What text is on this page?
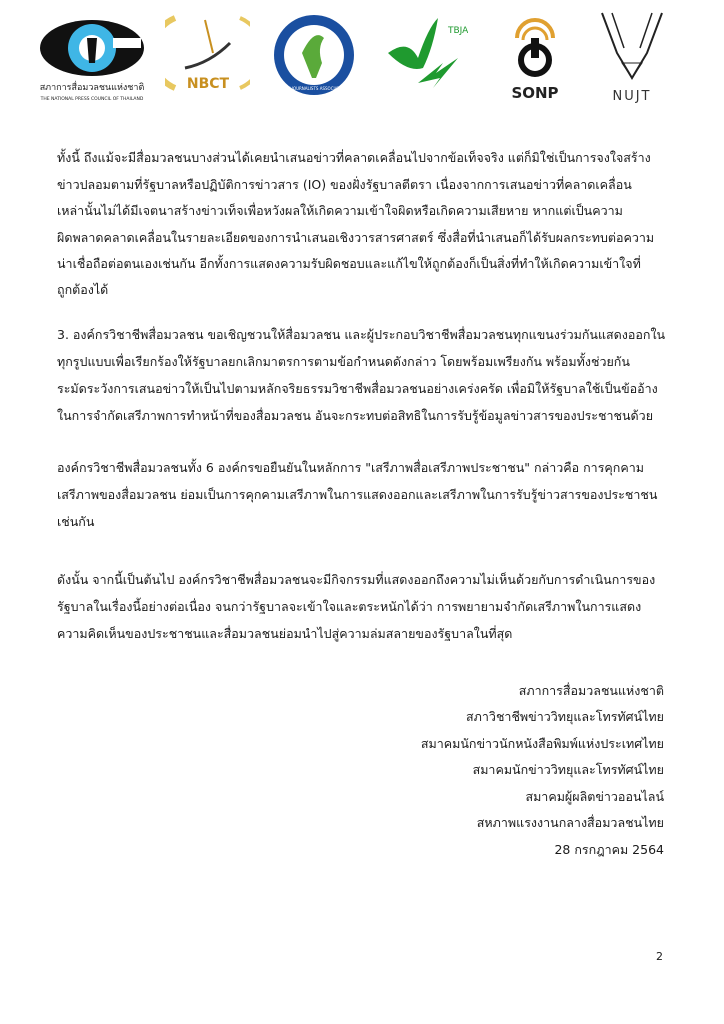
สภาการสื่อมวลชนแห่งชาติ
THE NATIONAL PRESS COUNCIL OF THAILAND
NBCT	THAI JOURNALISTS ASSOCIATION
TBJA
SONP	NUJT
ทั้งนี้ ถึงแม้จะมีสื่อมวลชนบางส่วนได้เคยนำเสนอข่าวที่คลาดเคลื่อนไปจากข้อเท็จจริง แต่ก็มิใช่เป็นการจงใจสร้าง
ข่าวปลอมตามที่รัฐบาลหรือปฏิบัติการข่าวสาร (IO) ของฝั่งรัฐบาลตีตรา เนื่องจากการเสนอข่าวที่คลาดเคลื่อน
เหล่านั้นไม่ได้มีเจตนาสร้างข่าวเท็จเพื่อหวังผลให้เกิดความเข้าใจผิดหรือเกิดความเสียหาย หากแต่เป็นความ
ผิดพลาดคลาดเคลื่อนในรายละเอียดของการนำเสนอเชิงวารสารศาสตร์ ซึ่งสื่อที่นำเสนอก็ได้รับผลกระทบต่อความ
น่าเชื่อถือต่อตนเองเช่นกัน อีกทั้งการแสดงความรับผิดชอบและแก้ไขให้ถูกต้องก็เป็นสิ่งที่ทำให้เกิดความเข้าใจที่
ถูกต้องได้
3. องค์กรวิชาชีพสื่อมวลชน ขอเชิญชวนให้สื่อมวลชน และผู้ประกอบวิชาชีพสื่อมวลชนทุกแขนงร่วมกันแสดงออกใน
ทุกรูปแบบเพื่อเรียกร้องให้รัฐบาลยกเลิกมาตรการตามข้อกำหนดดังกล่าว โดยพร้อมเพรียงกัน พร้อมทั้งช่วยกัน
ระมัดระวังการเสนอข่าวให้เป็นไปตามหลักจริยธรรมวิชาชีพสื่อมวลชนอย่างเคร่งครัด เพื่อมิให้รัฐบาลใช้เป็นข้ออ้าง
ในการจำกัดเสรีภาพการทำหน้าที่ของสื่อมวลชน อันจะกระทบต่อสิทธิในการรับรู้ข้อมูลข่าวสารของประชาชนด้วย
องค์กรวิชาชีพสื่อมวลชนทั้ง 6 องค์กรขอยืนยันในหลักการ "เสรีภาพสื่อเสรีภาพประชาชน" กล่าวคือ การคุกคาม
เสรีภาพของสื่อมวลชน ย่อมเป็นการคุกคามเสรีภาพในการแสดงออกและเสรีภาพในการรับรู้ข่าวสารของประชาชน
เช่นกัน
ดังนั้น จากนี้เป็นต้นไป องค์กรวิชาชีพสื่อมวลชนจะมีกิจกรรมที่แสดงออกถึงความไม่เห็นด้วยกับการดำเนินการของ
รัฐบาลในเรื่องนี้อย่างต่อเนื่อง จนกว่ารัฐบาลจะเข้าใจและตระหนักได้ว่า การพยายามจำกัดเสรีภาพในการแสดง
ความคิดเห็นของประชาชนและสื่อมวลชนย่อมนำไปสู่ความล่มสลายของรัฐบาลในที่สุด
สภาการสื่อมวลชนแห่งชาติ
สภาวิชาชีพข่าววิทยุและโทรทัศน์ไทย
สมาคมนักข่าวนักหนังสือพิมพ์แห่งประเทศไทย
สมาคมนักข่าววิทยุและโทรทัศน์ไทย
สมาคมผู้ผลิตข่าวออนไลน์
สหภาพแรงงานกลางสื่อมวลชนไทย
28 กรกฎาคม 2564
2
